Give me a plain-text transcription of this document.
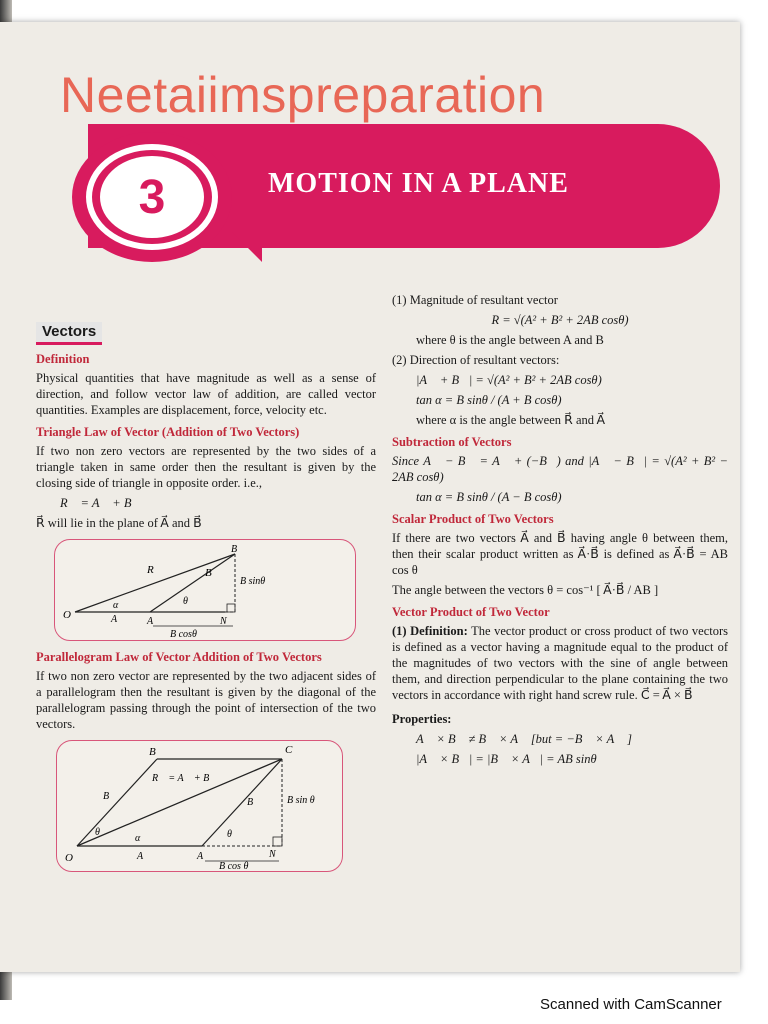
Neetaiimspreparation
3	MOTION IN A PLANE
Vectors
Definition

Physical quantities that have magnitude as well as a sense of direction, and follow vector law of addition, are called vector quantities. Examples are displacement, force, velocity etc.

Triangle Law of Vector (Addition of Two Vectors)

If two non zero vectors are represented by the two sides of a triangle taken in same order then the resultant is given by the closing side of triangle in opposite order. i.e.,

R⃗ = A⃗ + B⃗

R⃗ will lie in the plane of A⃗ and B⃗

R	B
B
B sinθ
α	θ
O	A	A	N
B cosθ
Parallelogram Law of Vector Addition of Two Vectors

If two non zero vector are represented by the two adjacent sides of a parallelogram then the resultant is given by the diagonal of the parallelogram passing through the point of intersection of the two vectors.

B	C
R⃗ = A⃗ + B⃗
B⃗
B⃗	B sin θ
θ
α	θ
O	A⃗	A	N
B cos θ

(1) Magnitude of resultant vector

R = √(A² + B² + 2AB cosθ)

where θ is the angle between A and B

(2) Direction of resultant vectors:

|A⃗ + B⃗| = √(A² + B² + 2AB cosθ)
tan α = B sinθ / (A + B cosθ)

where α is the angle between R⃗ and A⃗

Subtraction of Vectors

Since A⃗ − B⃗ = A⃗ + (−B⃗) and |A⃗ − B⃗| = √(A² + B² − 2AB cosθ)

tan α = B sinθ / (A − B cosθ)
Scalar Product of Two Vectors

If there are two vectors A⃗ and B⃗ having angle θ between them, then their scalar product written as A⃗·B⃗ is defined as A⃗·B⃗ = AB cos θ

The angle between the vectors θ = cos⁻¹ [ A⃗·B⃗ / AB ]

Vector Product of Two Vector

(1) Definition: The vector product or cross product of two vectors is defined as a vector having a magnitude equal to the product of the magnitudes of two vectors with the sine of angle between them, and direction perpendicular to the plane containing the two vectors in accordance with right hand screw rule. C⃗ = A⃗ × B⃗

Properties:
A⃗ × B⃗ ≠ B⃗ × A⃗ [but = −B⃗ × A⃗ ]
|A⃗ × B⃗| = |B⃗ × A⃗| = AB sinθ
Scanned with CamScanner
